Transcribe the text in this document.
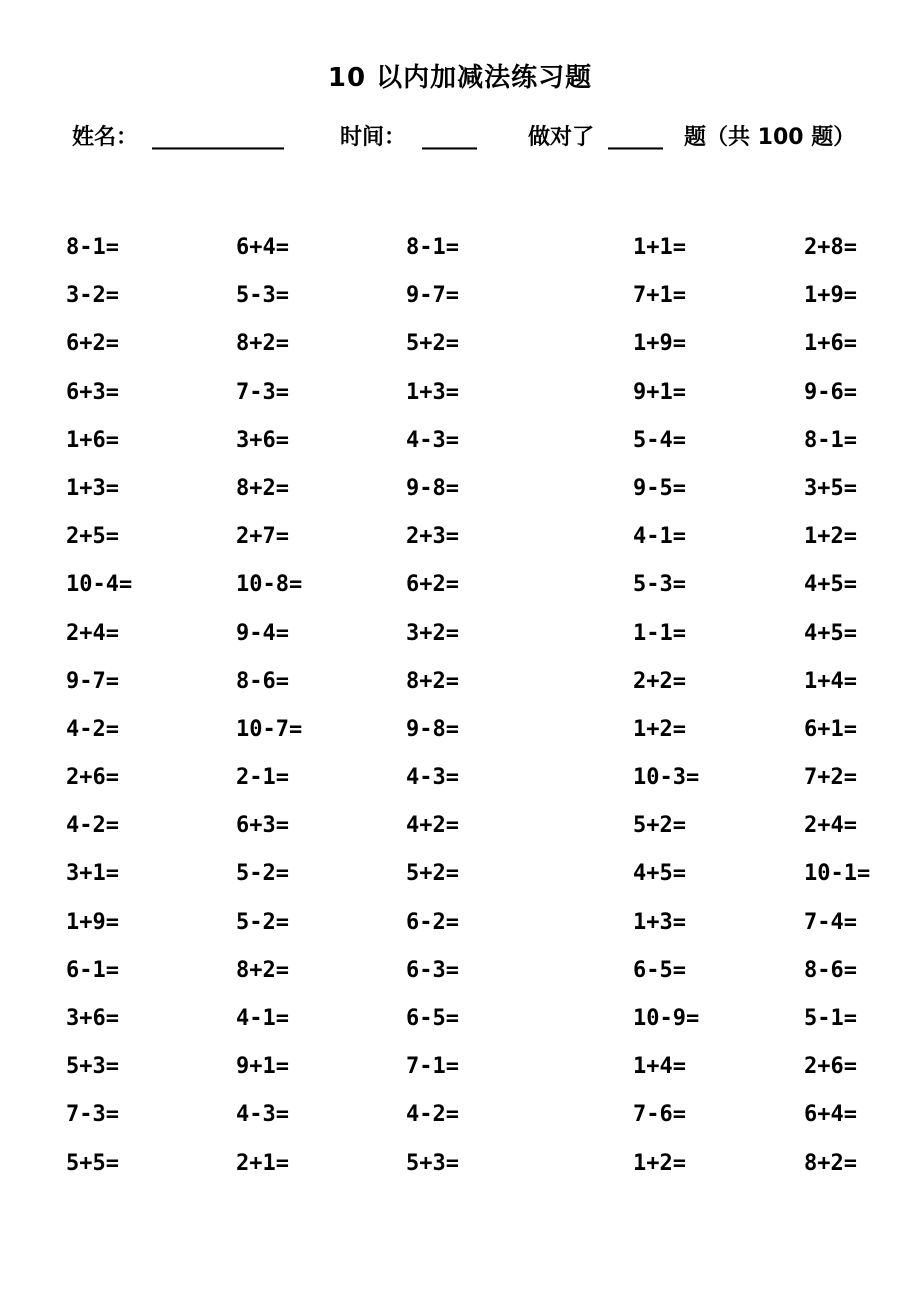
10 以内加减法练习题
姓名： ____________	时间： _____ 做对了 _____ 题（共 100 题）
8-1=	6+4=	8-1=	1+1=	2+8=
3-2=	5-3=	9-7=	7+1=	1+9=
6+2=	8+2=	5+2=	1+9=	1+6=
6+3=	7-3=	1+3=	9+1=	9-6=
1+6=	3+6=	4-3=	5-4=	8-1=
1+3=	8+2=	9-8=	9-5=	3+5=
2+5=	2+7=	2+3=	4-1=	1+2=
10-4=	10-8=	6+2=	5-3=	4+5=
2+4=	9-4=	3+2=	1-1=	4+5=
9-7=	8-6=	8+2=	2+2=	1+4=
4-2=	10-7=	9-8=	1+2=	6+1=
2+6=	2-1=	4-3=	10-3=	7+2=
4-2=	6+3=	4+2=	5+2=	2+4=
3+1=	5-2=	5+2=	4+5=	10-1=
1+9=	5-2=	6-2=	1+3=	7-4=
6-1=	8+2=	6-3=	6-5=	8-6=
3+6=	4-1=	6-5=	10-9=	5-1=
5+3=	9+1=	7-1=	1+4=	2+6=
7-3=	4-3=	4-2=	7-6=	6+4=
5+5=	2+1=	5+3=	1+2=	8+2=
